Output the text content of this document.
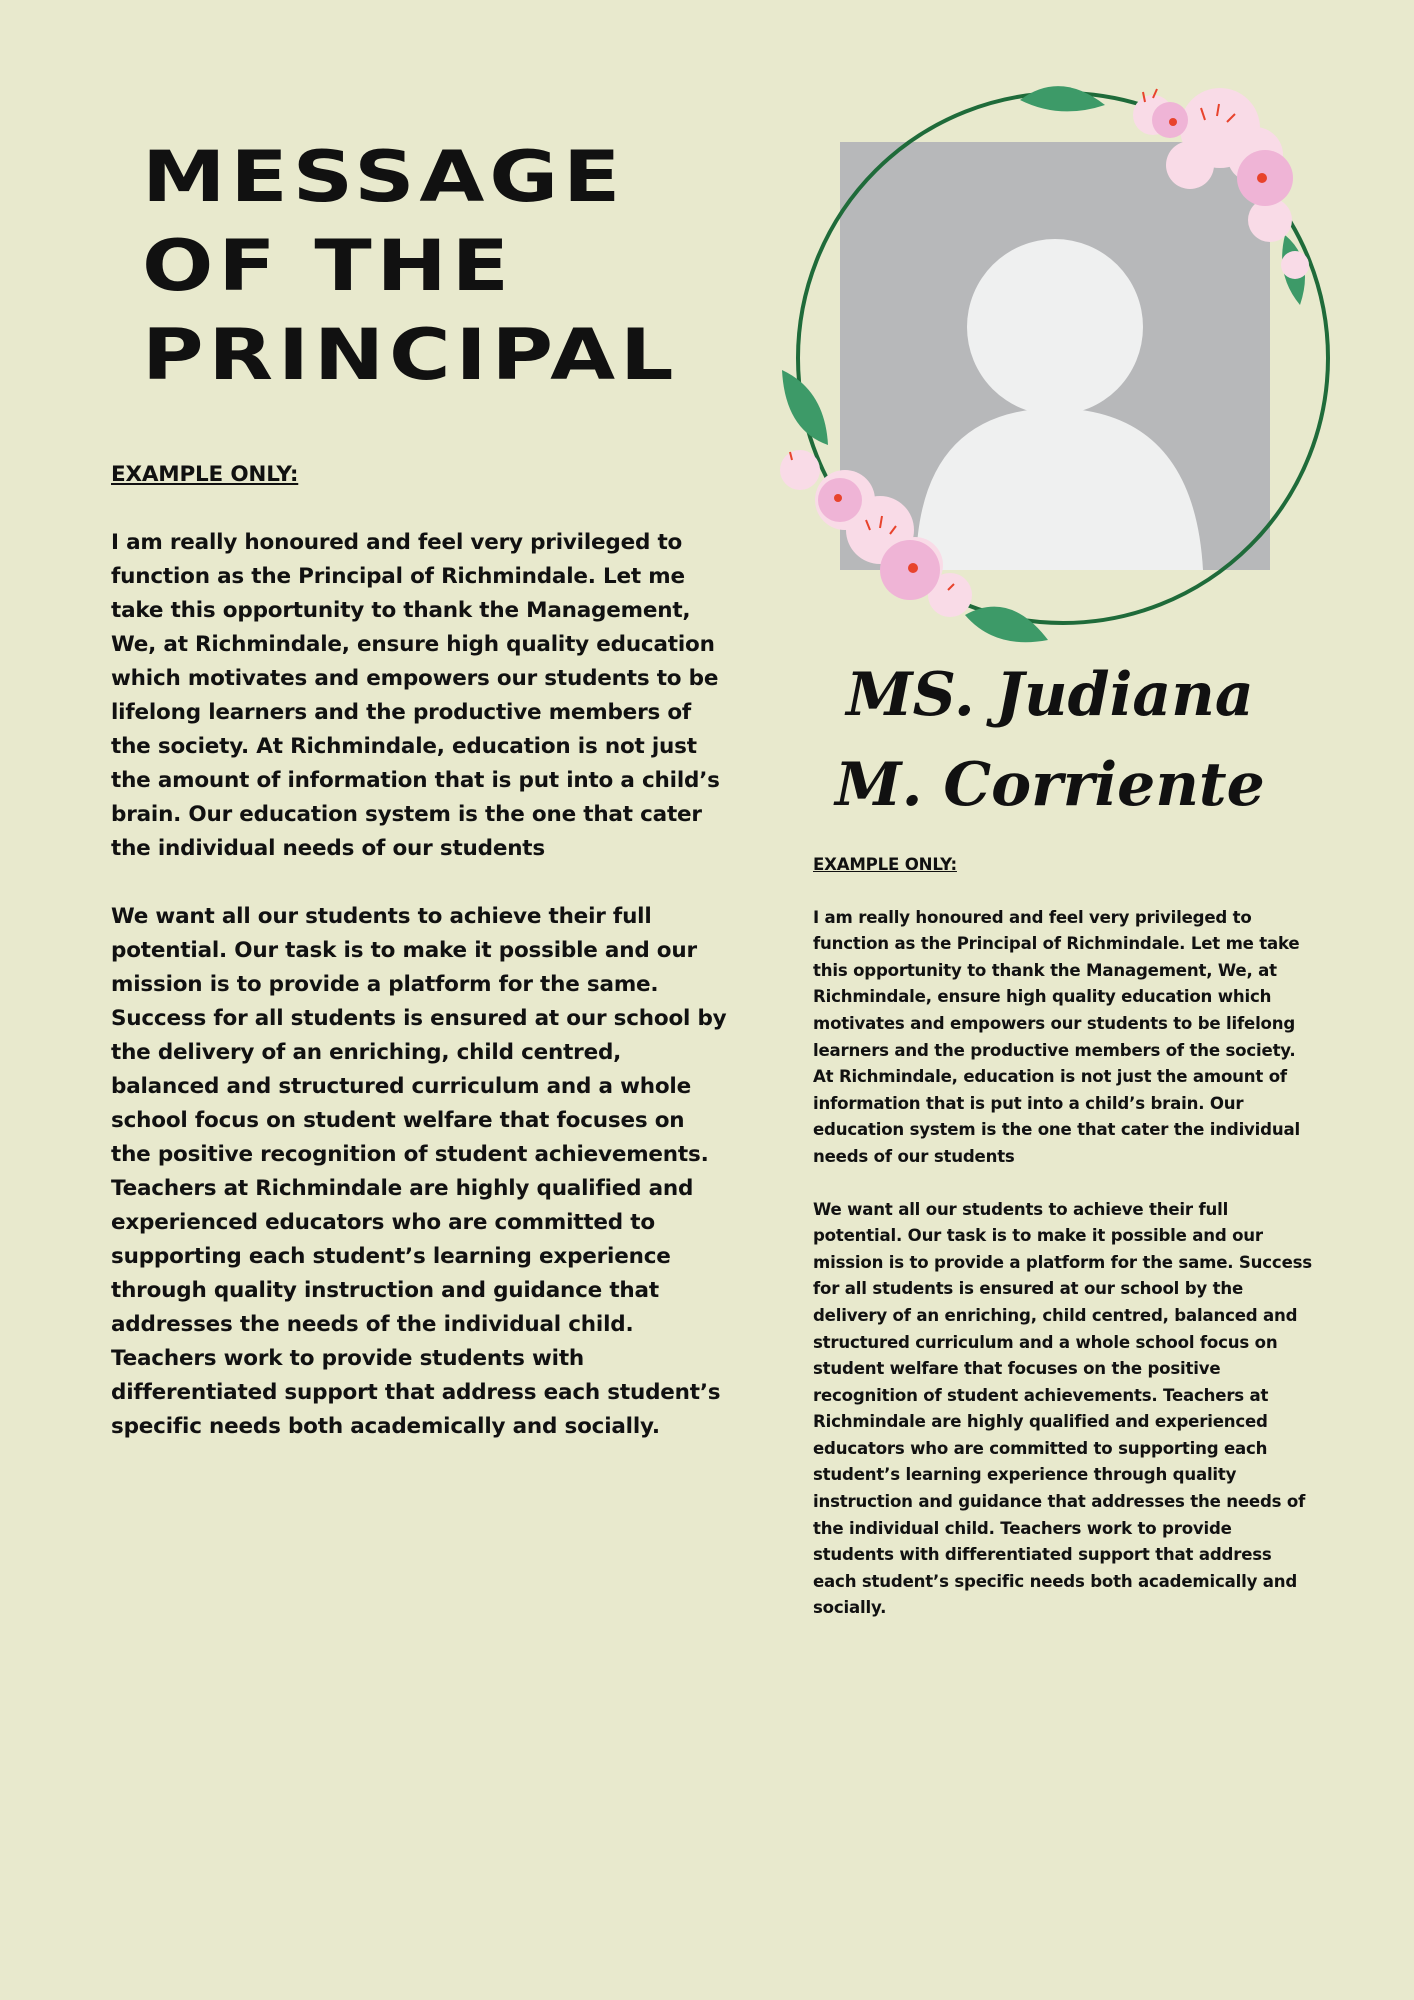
MESSAGE
OF THE
PRINCIPAL
EXAMPLE ONLY:

I am really honoured and feel very privileged to function as the Principal of Richmindale. Let me take this opportunity to thank the Management, We, at Richmindale, ensure high quality education which motivates and empowers our students to be lifelong learners and the productive members of the society. At Richmindale, education is not just the amount of information that is put into a child’s brain. Our education system is the one that cater the individual needs of our students

We want all our students to achieve their full potential. Our task is to make it possible and our mission is to provide a platform for the same. Success for all students is ensured at our school by the delivery of an enriching, child centred, balanced and structured curriculum and a whole school focus on student welfare that focuses on the positive recognition of student achievements. Teachers at Richmindale are highly qualified and experienced educators who are committed to supporting each student’s learning experience through quality instruction and guidance that addresses the needs of the individual child. Teachers work to provide students with differentiated support that address each student’s specific needs both academically and socially.

MS. Judiana
M. Corriente
EXAMPLE ONLY:

I am really honoured and feel very privileged to function as the Principal of Richmindale. Let me take this opportunity to thank the Management, We, at Richmindale, ensure high quality education which motivates and empowers our students to be lifelong learners and the productive members of the society. At Richmindale, education is not just the amount of information that is put into a child’s brain. Our education system is the one that cater the individual needs of our students

We want all our students to achieve their full potential. Our task is to make it possible and our mission is to provide a platform for the same. Success for all students is ensured at our school by the delivery of an enriching, child centred, balanced and structured curriculum and a whole school focus on student welfare that focuses on the positive recognition of student achievements. Teachers at Richmindale are highly qualified and experienced educators who are committed to supporting each student’s learning experience through quality instruction and guidance that addresses the needs of the individual child. Teachers work to provide students with differentiated support that address each student’s specific needs both academically and socially.
